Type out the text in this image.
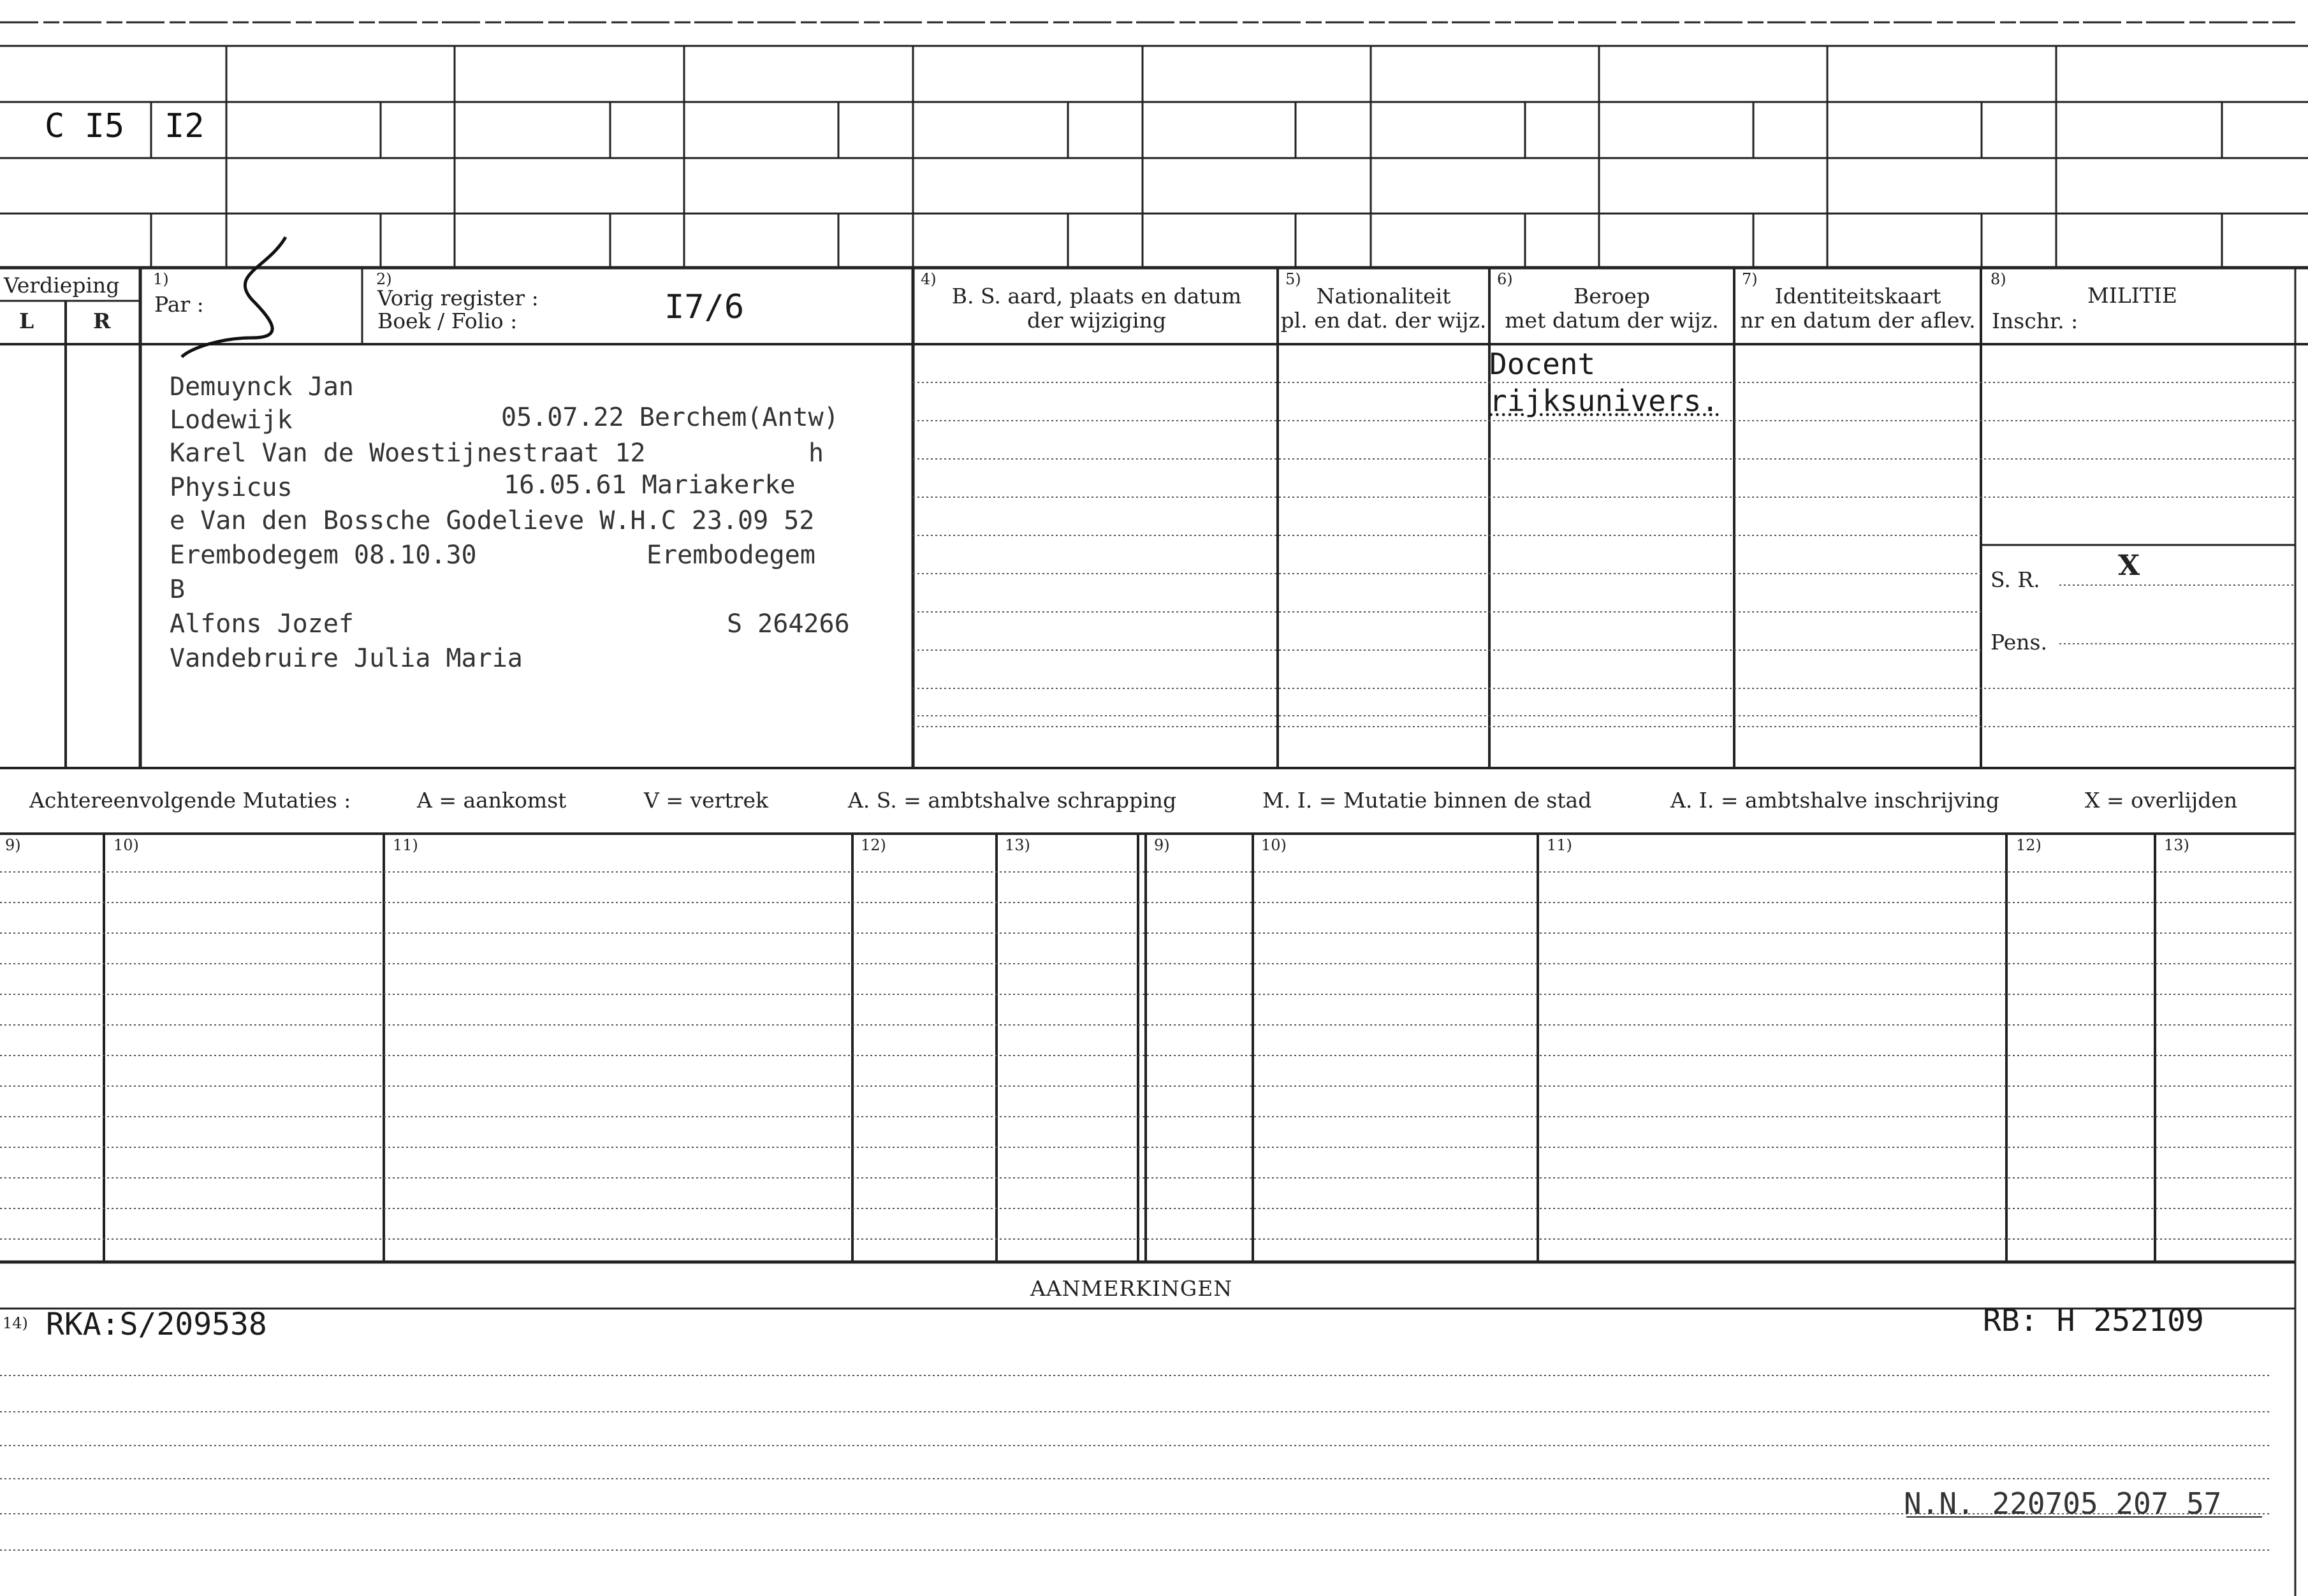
C I5 I2
Verdieping
L	R
1)
Par :
2)
Vorig register :
Boek / Folio :	I7/6
4)
B. S. aard, plaats en datum
der wijziging
5)
Nationaliteit
pl. en dat. der wijz.
6)
Beroep
met datum der wijz.
Docent
rijksunivers.
7)
Identiteitskaart
nr en datum der aflev.
8)
MILITIE
Inschr. :
S. R.	X
Pens.
Demuynck Jan
Lodewijk	05.07.22 Berchem(Antw)
Karel Van de Woestijnestraat 12	h
Physicus	16.05.61 Mariakerke
e Van den Bossche Godelieve W.H.C 23.09 52
Erembodegem 08.10.30	Erembodegem
B
Alfons Jozef	S 264266
Vandebruire Julia Maria
Achtereenvolgende Mutaties :	A = aankomst	V = vertrek	A. S. = ambtshalve schrapping	M. I. = Mutatie binnen de stad	A. I. = ambtshalve inschrijving	X = overlijden
9)	10)	11)	12)	13)	9)	10)	11)	12)	13)
AANMERKINGEN
14) RKA:S/209538	RB: H 252109
N.N. 220705 207 57
